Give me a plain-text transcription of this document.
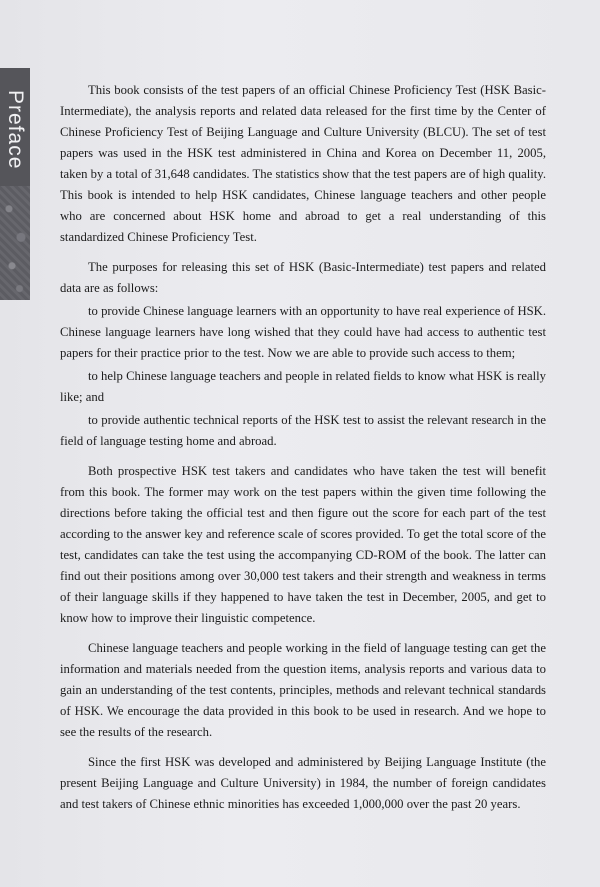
Preface	This book consists of the test papers of an official Chinese Proficiency Test (HSK Basic-Intermediate), the analysis reports and related data released for the first time by the Center of Chinese Proficiency Test of Beijing Language and Culture University (BLCU). The set of test papers was used in the HSK test administered in China and Korea on December 11, 2005, taken by a total of 31,648 candidates. The statistics show that the test papers are of high quality. This book is intended to help HSK candidates, Chinese language teachers and other people who are concerned about HSK home and abroad to get a real understanding of this standardized Chinese Proficiency Test.

The purposes for releasing this set of HSK (Basic-Intermediate) test papers and related data are as follows:

to provide Chinese language learners with an opportunity to have real experience of HSK. Chinese language learners have long wished that they could have had access to authentic test papers for their practice prior to the test. Now we are able to provide such access to them;

to help Chinese language teachers and people in related fields to know what HSK is really like; and

to provide authentic technical reports of the HSK test to assist the relevant research in the field of language testing home and abroad.

Both prospective HSK test takers and candidates who have taken the test will benefit from this book. The former may work on the test papers within the given time following the directions before taking the official test and then figure out the score for each part of the test according to the answer key and reference scale of scores provided. To get the total score of the test, candidates can take the test using the accompanying CD-ROM of the book. The latter can find out their positions among over 30,000 test takers and their strength and weakness in terms of their language skills if they happened to have taken the test in December, 2005, and get to know how to improve their linguistic competence.

Chinese language teachers and people working in the field of language testing can get the information and materials needed from the question items, analysis reports and various data to gain an understanding of the test contents, principles, methods and relevant technical standards of HSK. We encourage the data provided in this book to be used in research. And we hope to see the results of the research.

Since the first HSK was developed and administered by Beijing Language Institute (the present Beijing Language and Culture University) in 1984, the number of foreign candidates and test takers of Chinese ethnic minorities has exceeded 1,000,000 over the past 20 years.
